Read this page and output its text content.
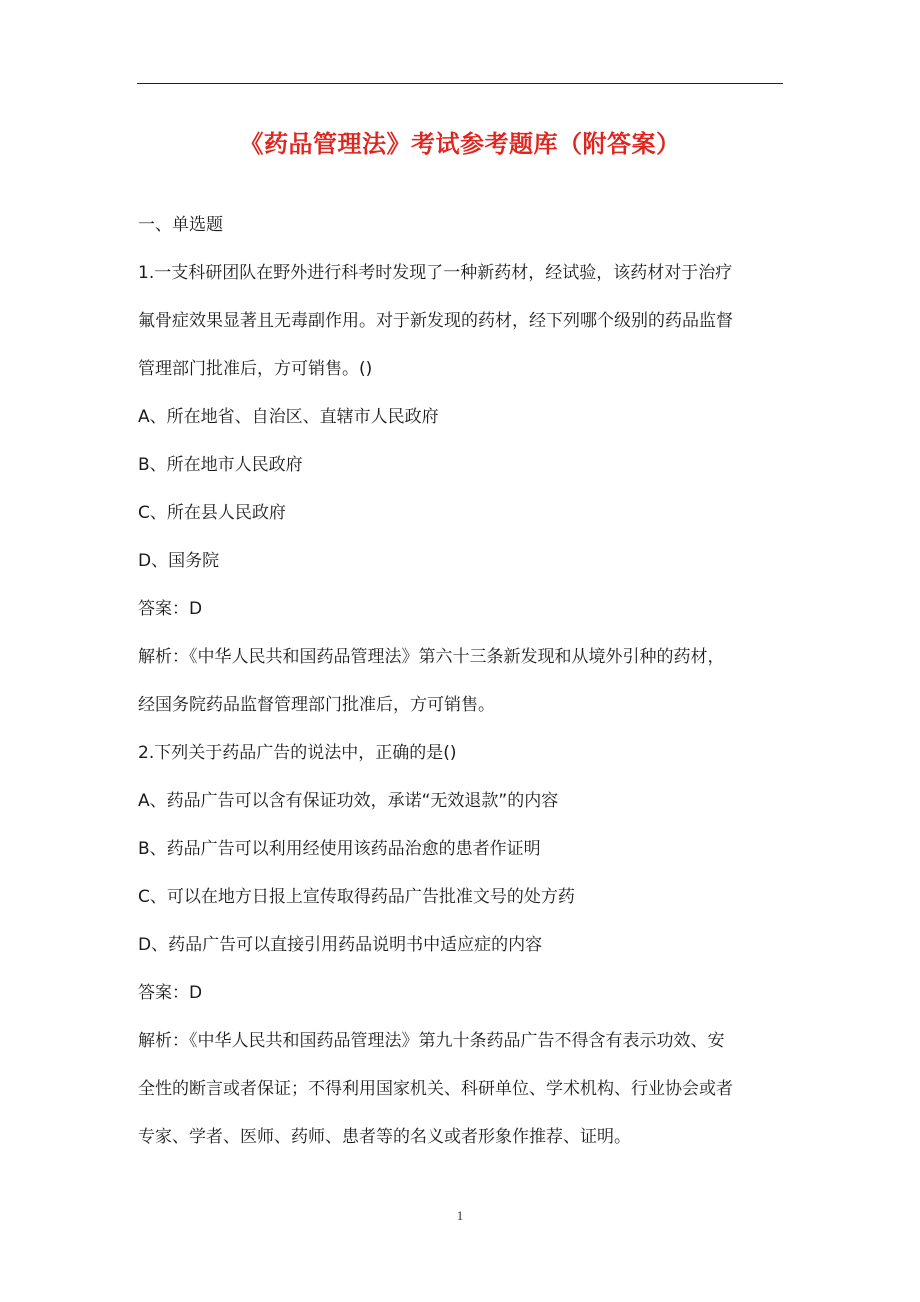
《药品管理法》考试参考题库（附答案）
一、单选题
1.一支科研团队在野外进行科考时发现了一种新药材，经试验，该药材对于治疗
氟骨症效果显著且无毒副作用。对于新发现的药材，经下列哪个级别的药品监督
管理部门批准后，方可销售。()
A、所在地省、自治区、直辖市人民政府
B、所在地市人民政府
C、所在县人民政府
D、国务院
答案：D
解析：《中华人民共和国药品管理法》第六十三条新发现和从境外引种的药材，
经国务院药品监督管理部门批准后，方可销售。
2.下列关于药品广告的说法中，正确的是()
A、药品广告可以含有保证功效，承诺“无效退款”的内容
B、药品广告可以利用经使用该药品治愈的患者作证明
C、可以在地方日报上宣传取得药品广告批准文号的处方药
D、药品广告可以直接引用药品说明书中适应症的内容
答案：D
解析：《中华人民共和国药品管理法》第九十条药品广告不得含有表示功效、安
全性的断言或者保证；不得利用国家机关、科研单位、学术机构、行业协会或者
专家、学者、医师、药师、患者等的名义或者形象作推荐、证明。
1
